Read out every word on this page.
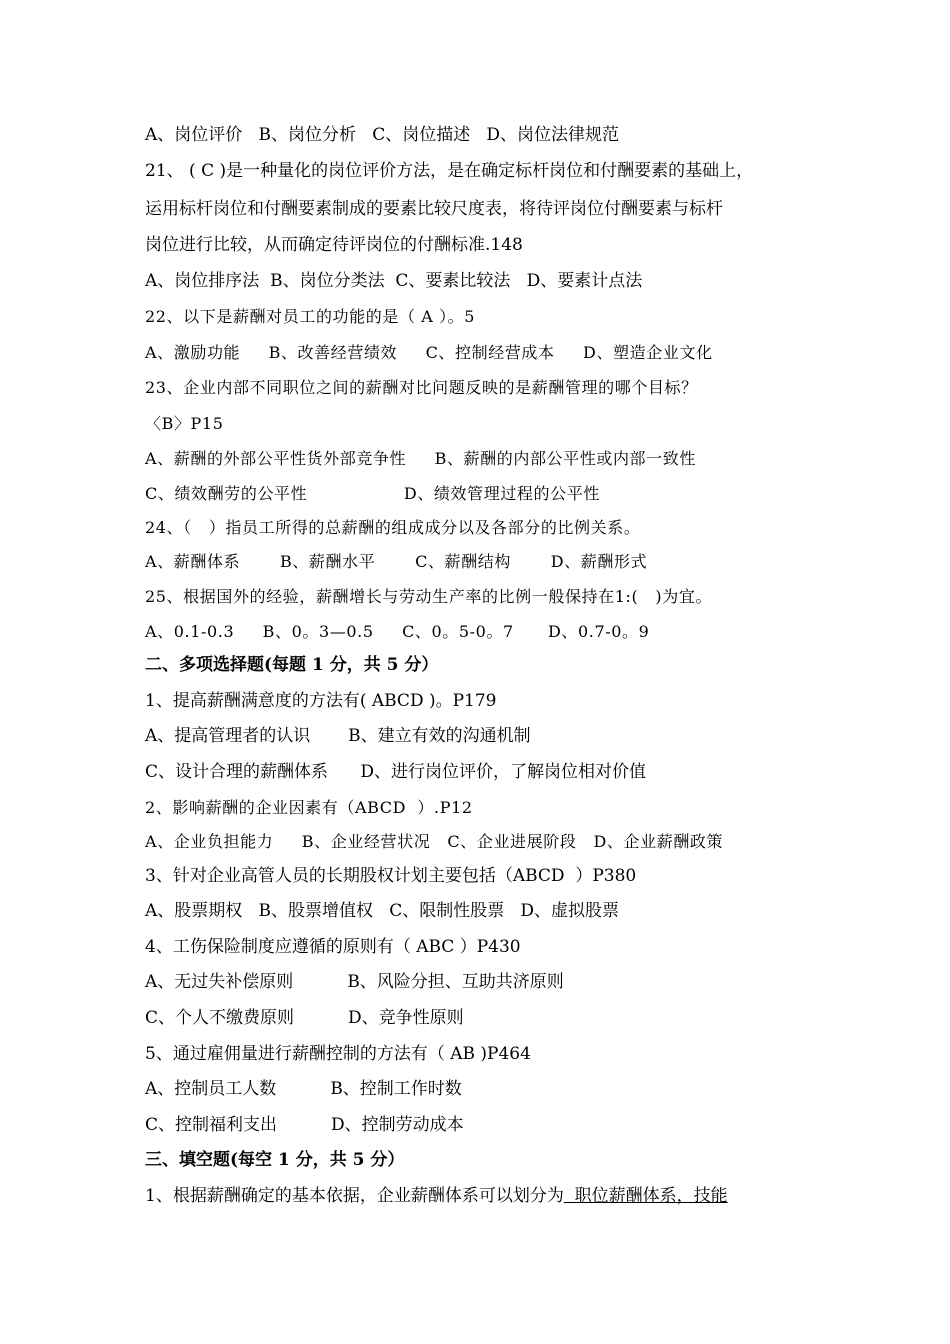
A、岗位评价   B、岗位分析   C、岗位描述   D、岗位法律规范
21、 ( C )是一种量化的岗位评价方法，是在确定标杆岗位和付酬要素的基础上，
运用标杆岗位和付酬要素制成的要素比较尺度表，将待评岗位付酬要素与标杆
岗位进行比较，从而确定待评岗位的付酬标准.148
A、岗位排序法  B、岗位分类法  C、要素比较法   D、要素计点法
22、以下是薪酬对员工的功能的是（ A ）。5
A、激励功能     B、改善经营绩效     C、控制经营成本     D、塑造企业文化
23、企业内部不同职位之间的薪酬对比问题反映的是薪酬管理的哪个目标？
〈B〉P15
A、薪酬的外部公平性货外部竞争性     B、薪酬的内部公平性或内部一致性
C、绩效酬劳的公平性                 D、绩效管理过程的公平性
24、（   ）指员工所得的总薪酬的组成成分以及各部分的比例关系。
A、薪酬体系       B、薪酬水平       C、薪酬结构       D、薪酬形式
25、根据国外的经验，薪酬增长与劳动生产率的比例一般保持在1:(   )为宜。
A、0.1-0.3     B、0。3—0.5     C、0。5-0。7      D、0.7-0。9
二、多项选择题(每题 1 分，共 5 分）
1、提高薪酬满意度的方法有( ABCD )。P179
A、提高管理者的认识       B、建立有效的沟通机制
C、设计合理的薪酬体系      D、进行岗位评价，了解岗位相对价值
2、影响薪酬的企业因素有（ABCD  ）.P12
A、企业负担能力     B、企业经营状况   C、企业进展阶段   D、企业薪酬政策
3、针对企业高管人员的长期股权计划主要包括（ABCD  ）P380
A、股票期权   B、股票增值权   C、限制性股票   D、虚拟股票
4、工伤保险制度应遵循的原则有（ ABC ）P430
A、无过失补偿原则          B、风险分担、互助共济原则
C、个人不缴费原则          D、竞争性原则
5、通过雇佣量进行薪酬控制的方法有（ AB )P464
A、控制员工人数          B、控制工作时数
C、控制福利支出          D、控制劳动成本
三、填空题(每空 1 分，共 5 分）
1、根据薪酬确定的基本依据，企业薪酬体系可以划分为  职位薪酬体系，技能
